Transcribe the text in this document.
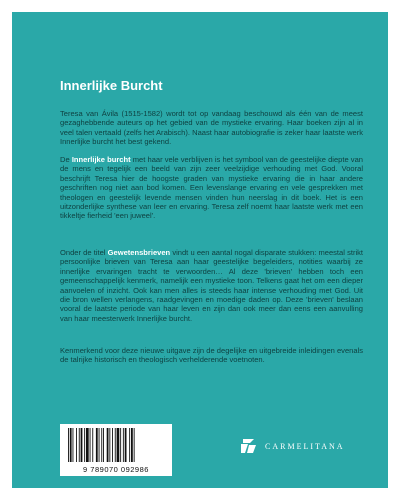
Innerlijke Burcht

Teresa van Ávila (1515-1582) wordt tot op vandaag beschouwd als één van de meest gezaghebbende auteurs op het gebied van de mystieke ervaring. Haar boeken zijn al in veel talen vertaald (zelfs het Arabisch). Naast haar autobiografie is zeker haar laatste werk Innerlijke burcht het best gekend.

De Innerlijke burcht met haar vele verblijven is het symbool van de geestelijke diepte van de mens en tegelijk een beeld van zijn zeer veelzijdige verhouding met God. Vooral beschrijft Teresa hier de hoogste graden van mystieke ervaring die in haar andere geschriften nog niet aan bod komen. Een levenslange ervaring en vele gesprekken met theologen en geestelijk levende mensen vinden hun neerslag in dit boek. Het is een uitzonderlijke synthese van leer en ervaring. Teresa zelf noemt haar laatste werk met een tikkeltje fierheid 'een juweel'.

Onder de titel Gewetensbrieven vindt u een aantal nogal disparate stukken: meestal strikt persoonlijke brieven van Teresa aan haar geestelijke begeleiders, notities waarbij ze innerlijke ervaringen tracht te verwoorden… Al deze 'brieven' hebben toch een gemeenschappelijk kenmerk, namelijk een mystieke toon. Telkens gaat het om een dieper aanvoelen of inzicht. Ook kan men alles is steeds haar intense verhouding met God. Uit die bron wellen verlangens, raadgevingen en moedige daden op. Deze 'brieven' beslaan vooral de laatste periode van haar leven en zijn dan ook meer dan eens een aanvulling van haar meesterwerk Innerlijke burcht.

Kenmerkend voor deze nieuwe uitgave zijn de degelijke en uitgebreide inleidingen evenals de talrijke historisch en theologisch verhelderende voetnoten.

9 789070 092986
CARMELITANA
